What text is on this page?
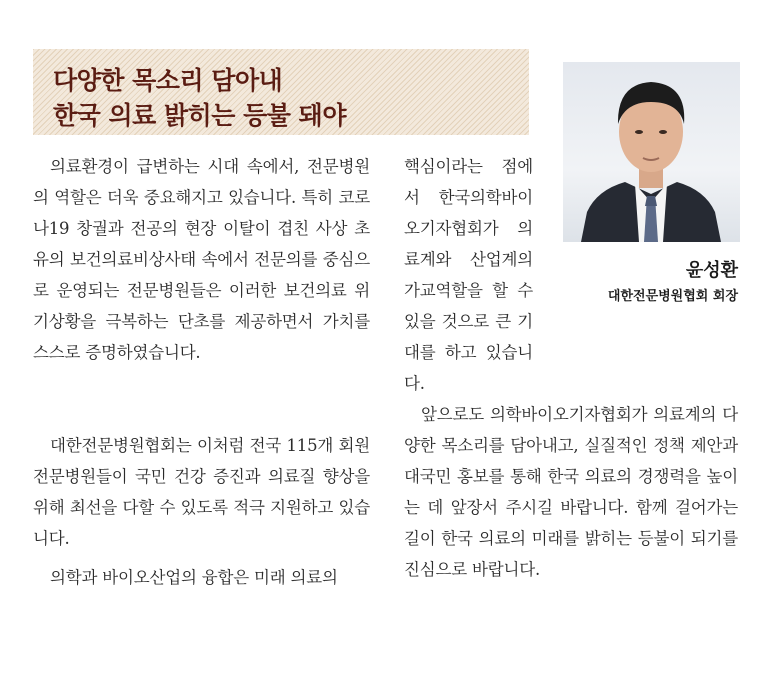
다양한 목소리 담아내
한국 의료 밝히는 등불 돼야

의료환경이 급변하는 시대 속에서, 전문병원의 역할은 더욱 중요해지고 있습니다. 특히 코로나19 창궐과 전공의 현장 이탈이 겹친 사상 초유의 보건의료비상사태 속에서 전문의를 중심으로 운영되는 전문병원들은 이러한 보건의료 위기상황을 극복하는 단초를 제공하면서 가치를 스스로 증명하였습니다.

대한전문병원협회는 이처럼 전국 115개 회원 전문병원들이 국민 건강 증진과 의료질 향상을 위해 최선을 다할 수 있도록 적극 지원하고 있습니다.

의학과 바이오산업의 융합은 미래 의료의

핵심이라는 점에서 한국의학바이오기자협회가 의료계와 산업계의 가교역할을 할 수 있을 것으로 큰 기대를 하고 있습니다.

앞으로도 의학바이오기자협회가 의료계의 다양한 목소리를 담아내고, 실질적인 정책 제안과 대국민 홍보를 통해 한국 의료의 경쟁력을 높이는 데 앞장서 주시길 바랍니다. 함께 걸어가는 길이 한국 의료의 미래를 밝히는 등불이 되기를 진심으로 바랍니다.

윤성환
대한전문병원협회 회장
